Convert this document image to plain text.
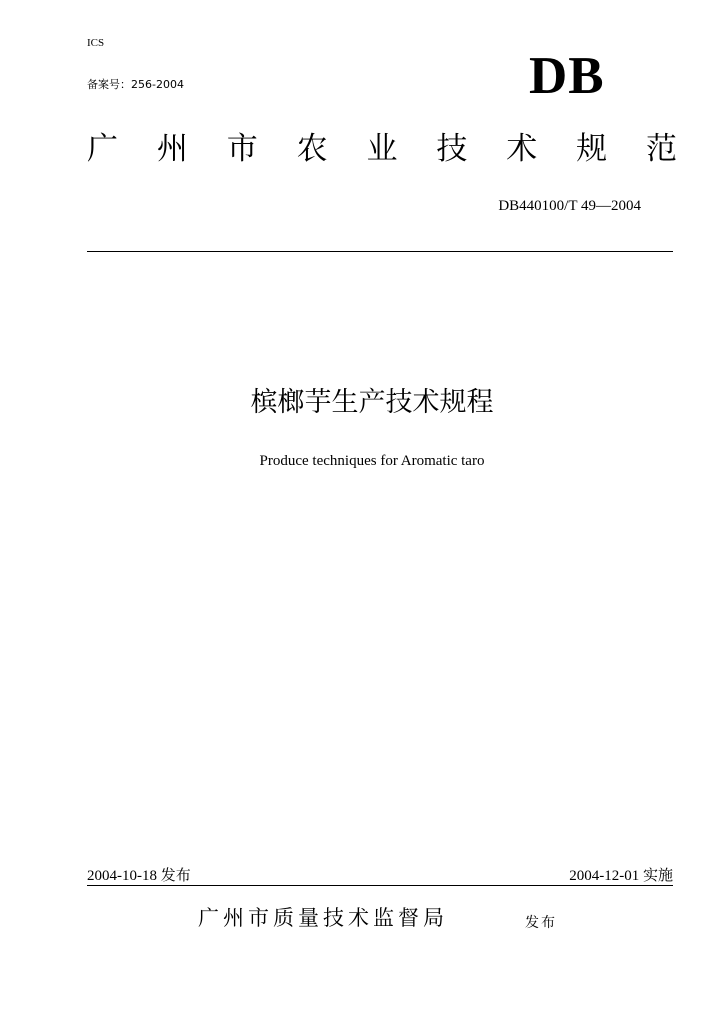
ICS
备案号：256-2004	DB
广 州 市 农 业 技 术 规 范
DB440100/T 49—2004
槟榔芋生产技术规程
Produce techniques for Aromatic taro
2004-10-18 发布	2004-12-01 实施
广州市质量技术监督局	发布
